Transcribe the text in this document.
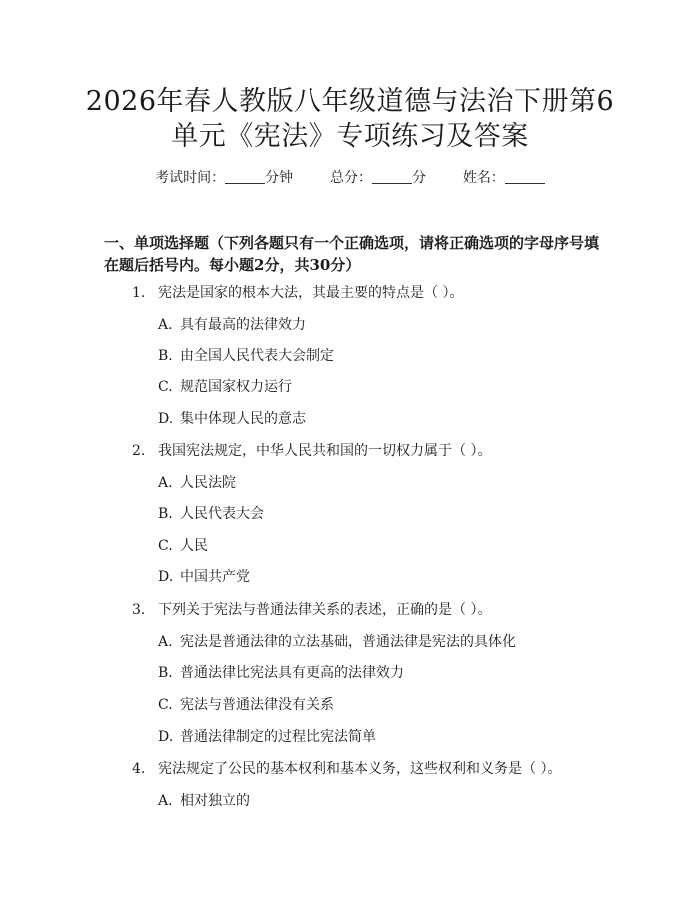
2026年春人教版八年级道德与法治下册第6
单元《宪法》专项练习及答案
考试时间：	分钟	总分：	分	姓名：

一、单项选择题（下列各题只有一个正确选项，请将正确选项的字母序号填在题后括号内。每小题2分，共30分）

1. 宪法是国家的根本大法，其最主要的特点是（ ）。
A. 具有最高的法律效力
B. 由全国人民代表大会制定
C. 规范国家权力运行
D. 集中体现人民的意志
2. 我国宪法规定，中华人民共和国的一切权力属于（ ）。
A. 人民法院
B. 人民代表大会
C. 人民
D. 中国共产党
3. 下列关于宪法与普通法律关系的表述，正确的是（ ）。
A. 宪法是普通法律的立法基础，普通法律是宪法的具体化
B. 普通法律比宪法具有更高的法律效力
C. 宪法与普通法律没有关系
D. 普通法律制定的过程比宪法简单
4. 宪法规定了公民的基本权利和基本义务，这些权利和义务是（ ）。
A. 相对独立的
